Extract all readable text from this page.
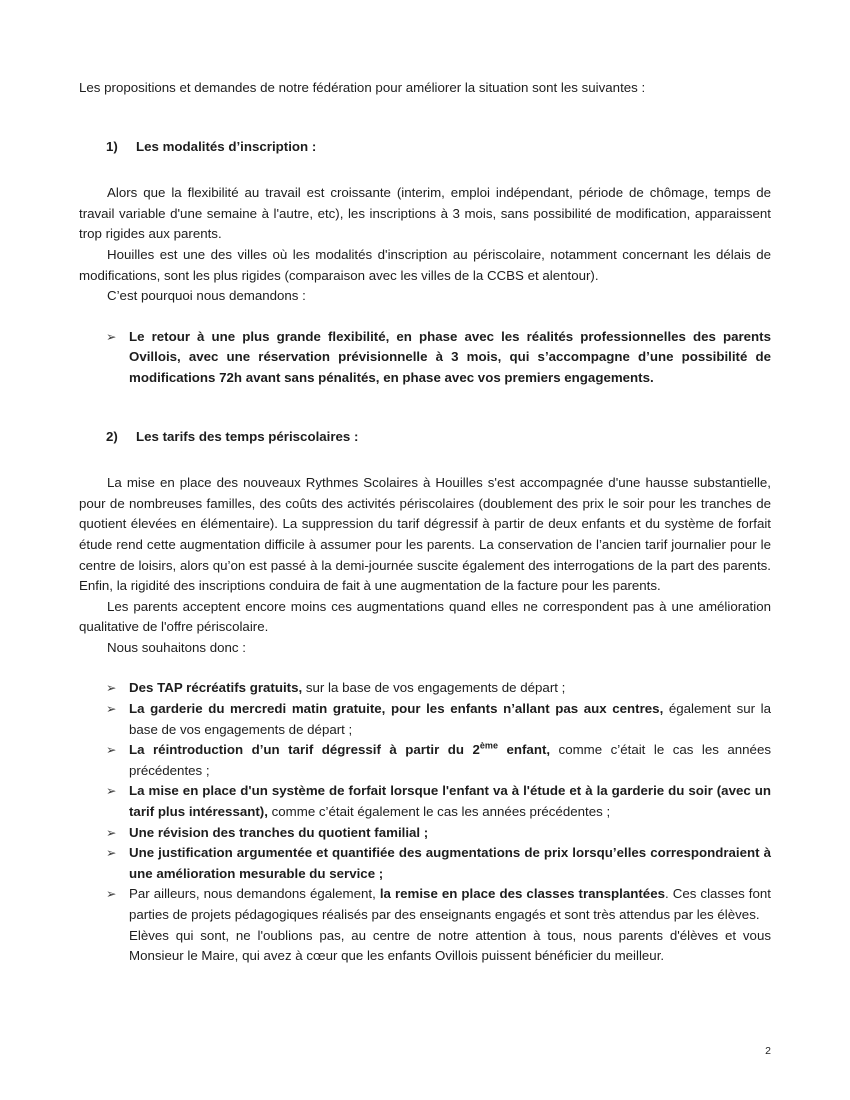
Les propositions et demandes de notre fédération pour améliorer la situation sont les suivantes :

1) Les modalités d’inscription :

Alors que la flexibilité au travail est croissante (interim, emploi indépendant, période de chômage, temps de travail variable d'une semaine à l'autre, etc), les inscriptions à 3 mois, sans possibilité de modification, apparaissent trop rigides aux parents.

Houilles est une des villes où les modalités d'inscription au périscolaire, notamment concernant les délais de modifications, sont les plus rigides (comparaison avec les villes de la CCBS et alentour).

C’est pourquoi nous demandons :

➢ Le retour à une plus grande flexibilité, en phase avec les réalités professionnelles des parents Ovillois, avec une réservation prévisionnelle à 3 mois, qui s’accompagne d’une possibilité de modifications 72h avant sans pénalités, en phase avec vos premiers engagements.

2) Les tarifs des temps périscolaires :

La mise en place des nouveaux Rythmes Scolaires à Houilles s'est accompagnée d'une hausse substantielle, pour de nombreuses familles, des coûts des activités périscolaires (doublement des prix le soir pour les tranches de quotient élevées en élémentaire). La suppression du tarif dégressif à partir de deux enfants et du système de forfait étude rend cette augmentation difficile à assumer pour les parents. La conservation de l’ancien tarif journalier pour le centre de loisirs, alors qu’on est passé à la demi-journée suscite également des interrogations de la part des parents. Enfin, la rigidité des inscriptions conduira de fait à une augmentation de la facture pour les parents.

Les parents acceptent encore moins ces augmentations quand elles ne correspondent pas à une amélioration qualitative de l'offre périscolaire.

Nous souhaitons donc :

➢ Des TAP récréatifs gratuits, sur la base de vos engagements de départ ;
➢ La garderie du mercredi matin gratuite, pour les enfants n’allant pas aux centres, également sur la base de vos engagements de départ ;
➢ La réintroduction d’un tarif dégressif à partir du 2ème enfant, comme c’était le cas les années précédentes ;
➢ La mise en place d'un système de forfait lorsque l'enfant va à l'étude et à la garderie du soir (avec un tarif plus intéressant), comme c’était également le cas les années précédentes ;
➢ Une révision des tranches du quotient familial ;
➢ Une justification argumentée et quantifiée des augmentations de prix lorsqu’elles correspondraient à une amélioration mesurable du service ;
➢ Par ailleurs, nous demandons également, la remise en place des classes transplantées. Ces classes font parties de projets pédagogiques réalisés par des enseignants engagés et sont très attendus par les élèves.
Elèves qui sont, ne l'oublions pas, au centre de notre attention à tous, nous parents d'élèves et vous Monsieur le Maire, qui avez à cœur que les enfants Ovillois puissent bénéficier du meilleur.
2
